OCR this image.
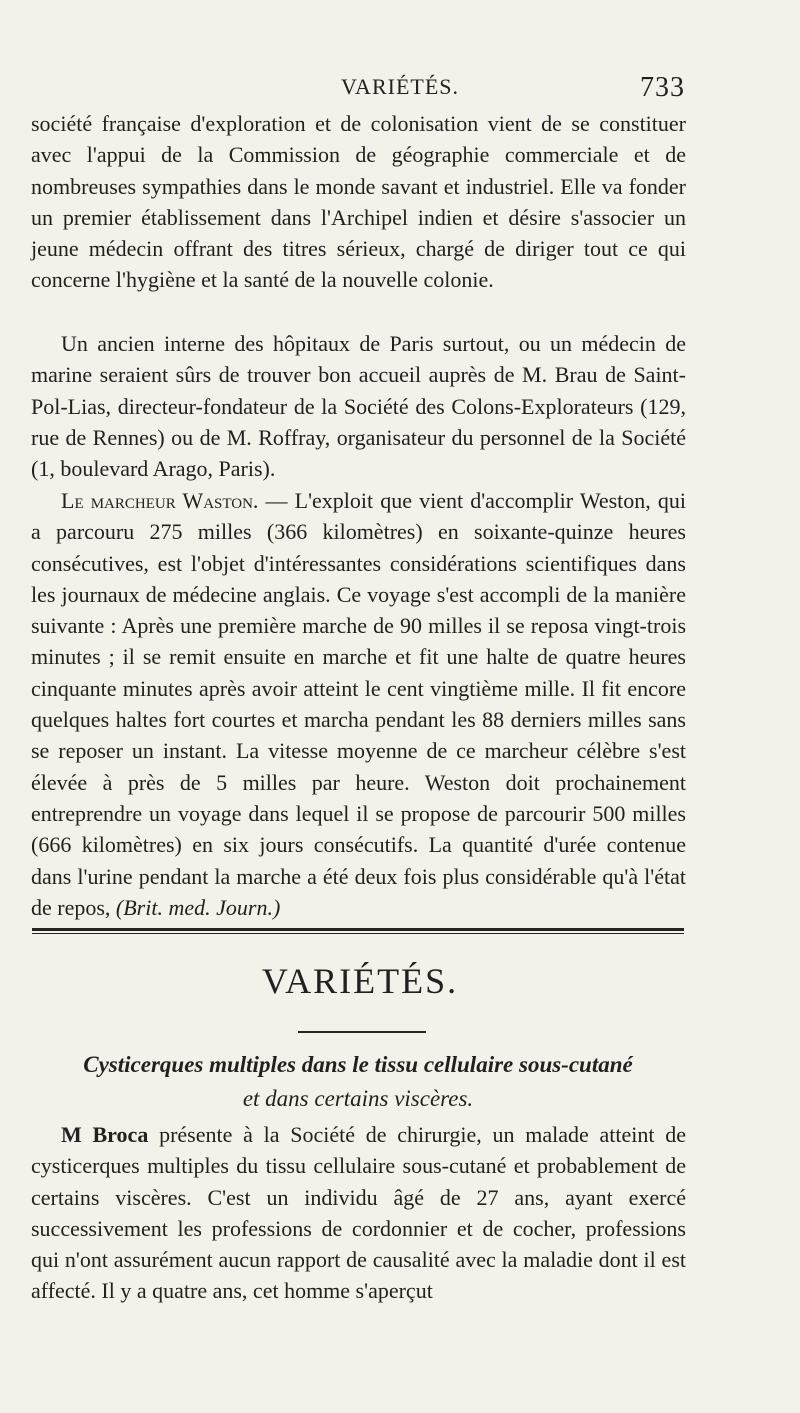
VARIÉTÉS.	733

société française d'exploration et de colonisation vient de se constituer avec l'appui de la Commission de géographie commerciale et de nombreuses sympathies dans le monde savant et industriel. Elle va fonder un premier établissement dans l'Archipel indien et désire s'associer un jeune médecin offrant des titres sérieux, chargé de diriger tout ce qui concerne l'hygiène et la santé de la nouvelle colonie.

Un ancien interne des hôpitaux de Paris surtout, ou un médecin de marine seraient sûrs de trouver bon accueil auprès de M. Brau de Saint-Pol-Lias, directeur-fondateur de la Société des Colons-Explorateurs (129, rue de Rennes) ou de M. Roffray, organisateur du personnel de la Société (1, boulevard Arago, Paris).

Le marcheur Waston. — L'exploit que vient d'accomplir Weston, qui a parcouru 275 milles (366 kilomètres) en soixante-quinze heures consécutives, est l'objet d'intéressantes considérations scientifiques dans les journaux de médecine anglais. Ce voyage s'est accompli de la manière suivante : Après une première marche de 90 milles il se reposa vingt-trois minutes ; il se remit ensuite en marche et fit une halte de quatre heures cinquante minutes après avoir atteint le cent vingtième mille. Il fit encore quelques haltes fort courtes et marcha pendant les 88 derniers milles sans se reposer un instant. La vitesse moyenne de ce marcheur célèbre s'est élevée à près de 5 milles par heure. Weston doit prochainement entreprendre un voyage dans lequel il se propose de parcourir 500 milles (666 kilomètres) en six jours consécutifs. La quantité d'urée contenue dans l'urine pendant la marche a été deux fois plus considérable qu'à l'état de repos, (Brit. med. Journ.)

VARIÉTÉS.
Cysticerques multiples dans le tissu cellulaire sous-cutané
et dans certains viscères.

M Broca présente à la Société de chirurgie, un malade atteint de cysticerques multiples du tissu cellulaire sous-cutané et probablement de certains viscères. C'est un individu âgé de 27 ans, ayant exercé successivement les professions de cordonnier et de cocher, professions qui n'ont assurément aucun rapport de causalité avec la maladie dont il est affecté. Il y a quatre ans, cet homme s'aperçut
